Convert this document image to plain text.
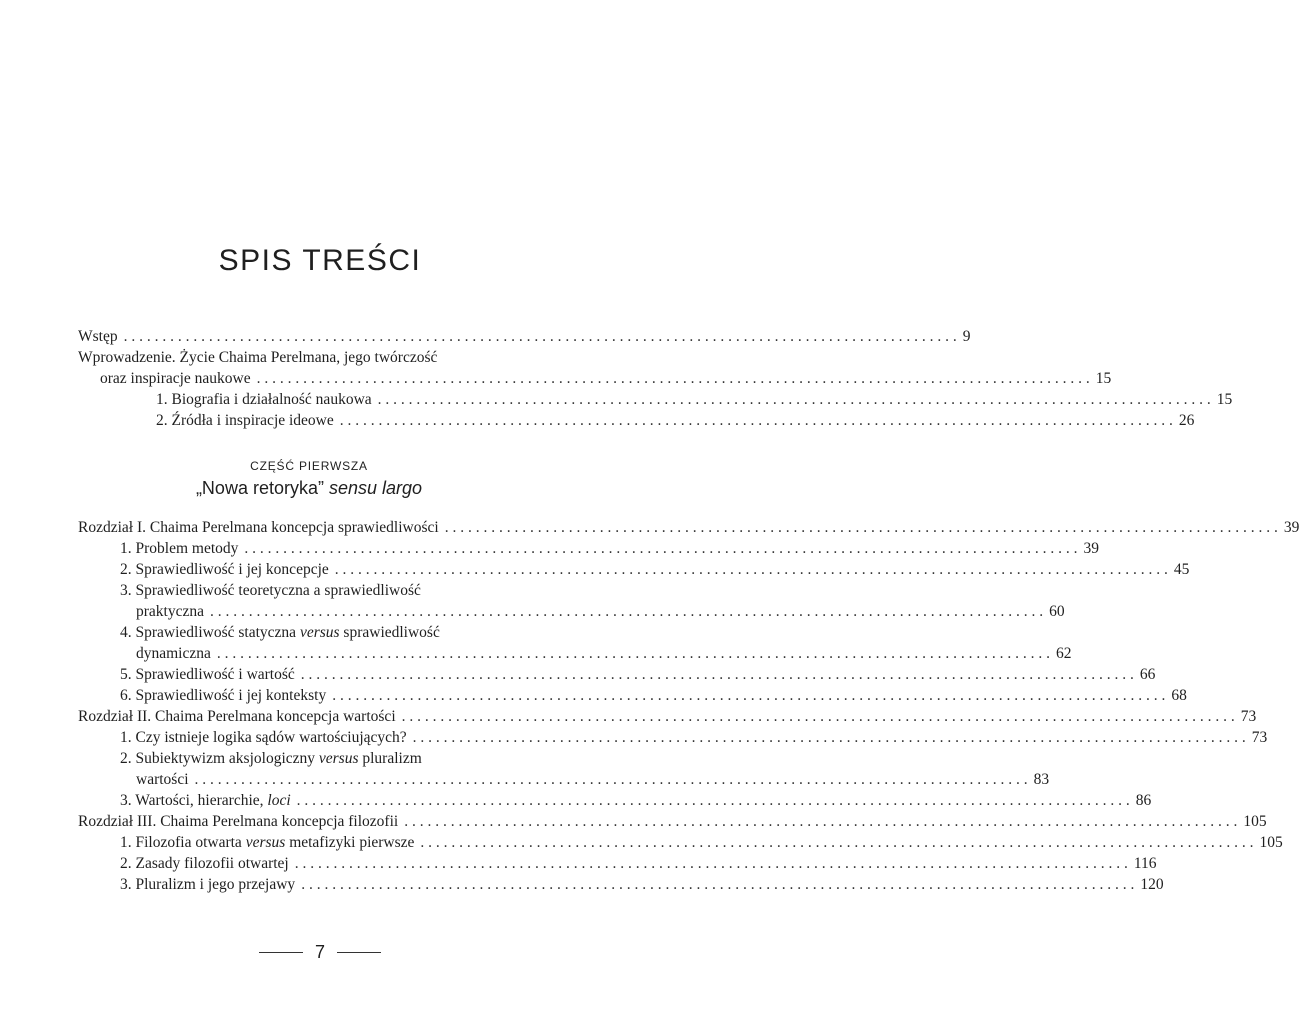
SPIS TREŚCI
Wstęp . . .	9
Wprowadzenie. Życie Chaima Perelmana, jego twórczość
oraz inspiracje naukowe . . .	15
1. Biografia i działalność naukowa . . .	15
2. Źródła i inspiracje ideowe . . .	26
CZĘŚĆ PIERWSZA
„Nowa retoryka” sensu largo
Rozdział I. Chaima Perelmana koncepcja sprawiedliwości . . .	39
1. Problem metody . . .	39
2. Sprawiedliwość i jej koncepcje . . .	45
3. Sprawiedliwość teoretyczna a sprawiedliwość
praktyczna . . .	60
4. Sprawiedliwość statyczna versus sprawiedliwość
dynamiczna . . .	62
5. Sprawiedliwość i wartość . . .	66
6. Sprawiedliwość i jej konteksty . . .	68
Rozdział II. Chaima Perelmana koncepcja wartości . . .	73
1. Czy istnieje logika sądów wartościujących? . . .	73
2. Subiektywizm aksjologiczny versus pluralizm
wartości . . .	83
3. Wartości, hierarchie, loci . . .	86
Rozdział III. Chaima Perelmana koncepcja filozofii . . .	105
1. Filozofia otwarta versus metafizyki pierwsze . . .	105
2. Zasady filozofii otwartej . . .	116
3. Pluralizm i jego przejawy . . .	120
7
